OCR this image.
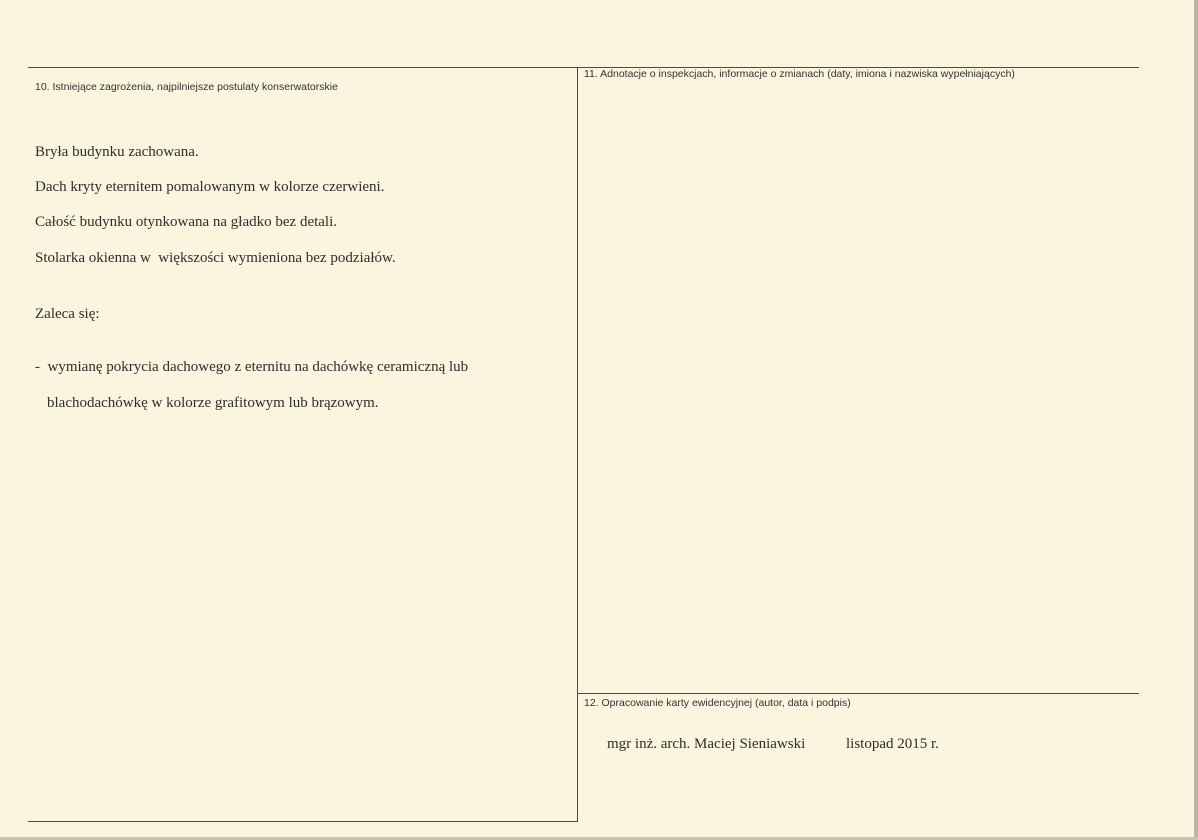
10. Istniejące zagrożenia, najpilniejsze postulaty konserwatorskie
Bryła budynku zachowana.
Dach kryty eternitem pomalowanym w kolorze czerwieni.
Całość budynku otynkowana na gładko bez detali.
Stolarka okienna w  większości wymieniona bez podziałów.
Zaleca się:
-  wymianę pokrycia dachowego z eternitu na dachówkę ceramiczną lub
blachodachówkę w kolorze grafitowym lub brązowym.
11. Adnotacje o inspekcjach, informacje o zmianach (daty, imiona i nazwiska wypełniających)
12. Opracowanie karty ewidencyjnej (autor, data i podpis)
mgr inż. arch. Maciej Sieniawski	listopad 2015 r.
